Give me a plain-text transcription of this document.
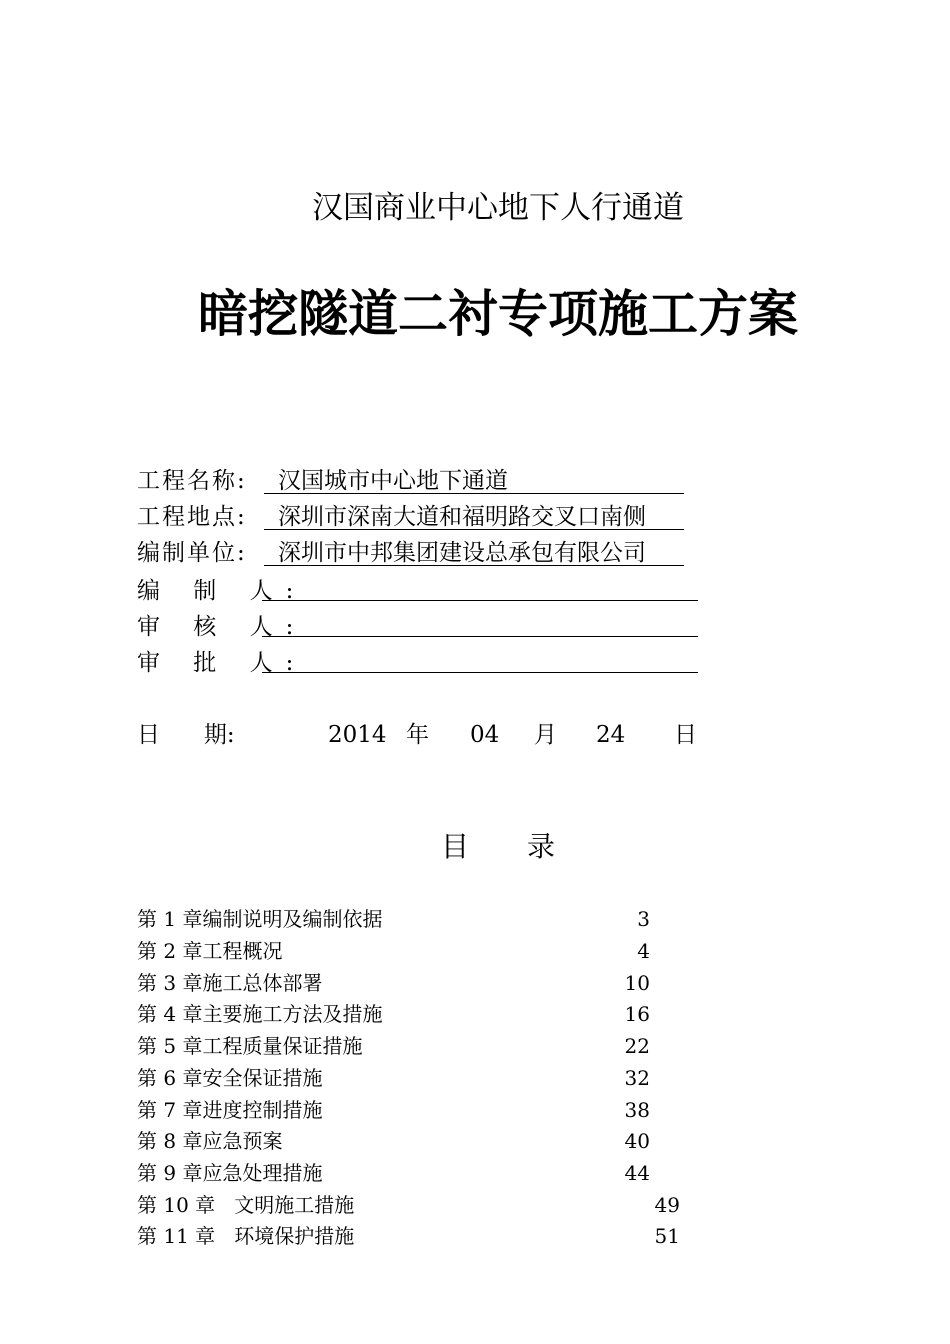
汉国商业中心地下人行通道
暗挖隧道二衬专项施工方案
工程名称:	汉国城市中心地下通道
工程地点:	深圳市深南大道和福明路交叉口南侧
编制单位:	深圳市中邦集团建设总承包有限公司
编 制 人:
审 核 人:
审 批 人:
日      期:	2014 年 04 月 24 日
目录
第 1 章编制说明及编制依据	3
第 2 章工程概况	4
第 3 章施工总体部署	10
第 4 章主要施工方法及措施	16
第 5 章工程质量保证措施	22
第 6 章安全保证措施	32
第 7 章进度控制措施	38
第 8 章应急预案	40
第 9 章应急处理措施	44
第 10 章   文明施工措施	49
第 11 章   环境保护措施	51
